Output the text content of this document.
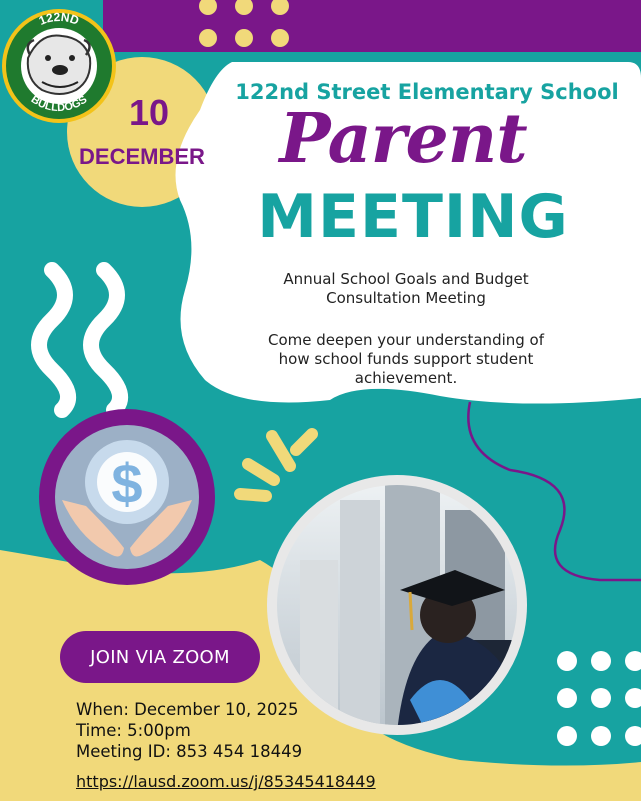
$
122ND
BULLDOGS	10
DECEMBER
122nd Street Elementary School
Parent
MEETING
Annual School Goals and Budget
Consultation Meeting
Come deepen your understanding of
how school funds support student
achievement.
JOIN VIA ZOOM
When: December 10, 2025
Time: 5:00pm
Meeting ID: 853 454 18449
https://lausd.zoom.us/j/85345418449
